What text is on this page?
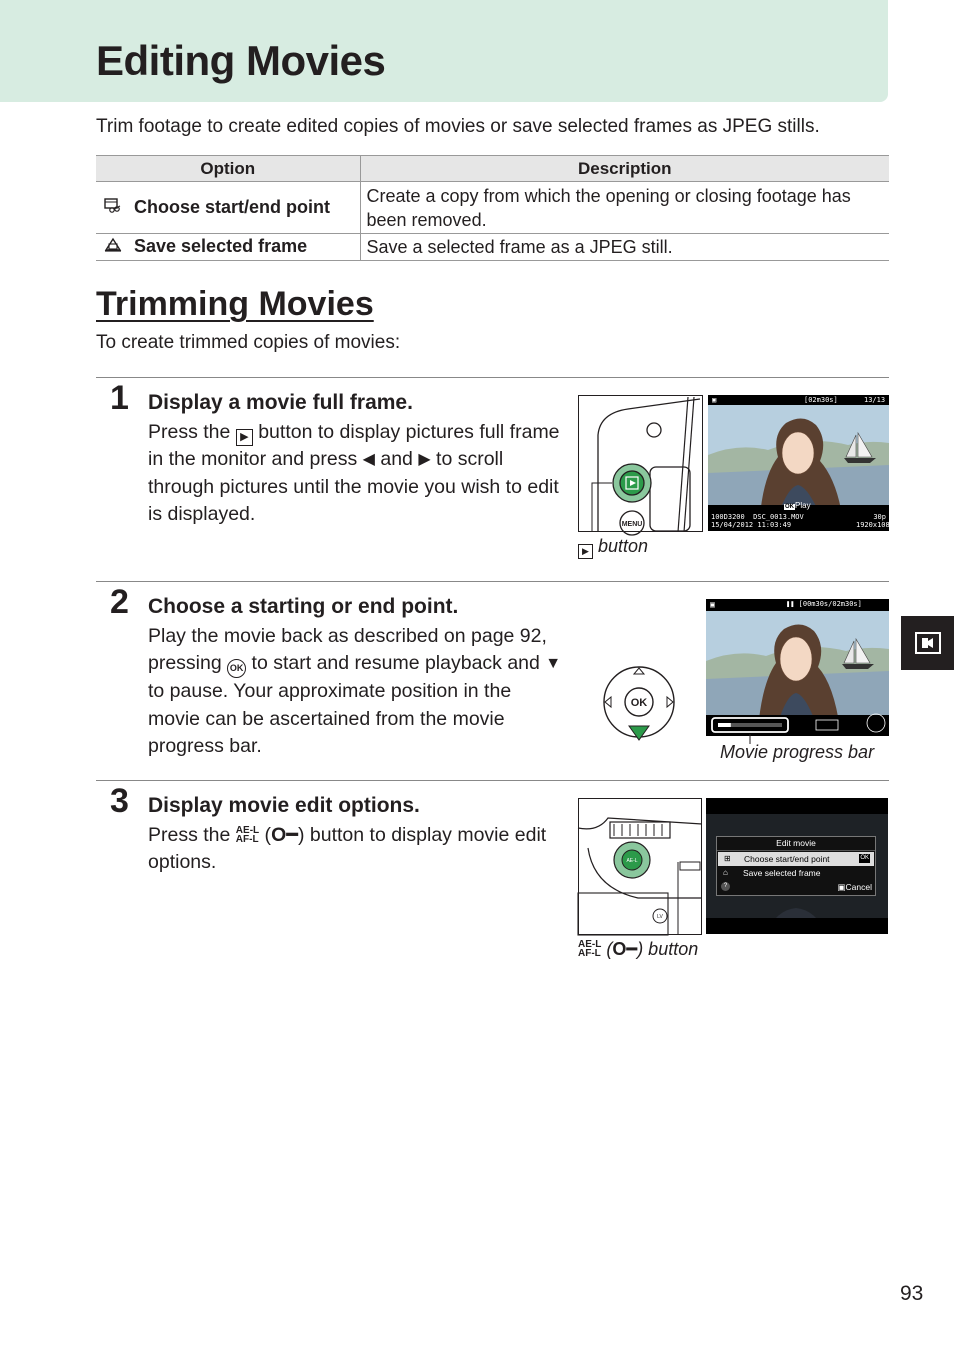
Editing Movies

Trim footage to create edited copies of movies or save selected frames as JPEG stills.

Option	Description
Choose start/end point	Create a copy from which the opening or closing footage has been removed.
Save selected frame	Save a selected frame as a JPEG still.
Trimming Movies

To create trimmed copies of movies:

1 Display a movie full frame.
Press the ▶ button to display pictures full frame in the monitor and press ◀ and ▶ to scroll through pictures until the movie you wish to edit is displayed.	MENU
▣	[02m30s]	13/13
OKPlay
100D3200 DSC_0013.MOV
15/04/2012 11:03:49
30p
1920x1080
▶ button
2 Choose a starting or end point.
Play the movie back as described on page 92, pressing OK to start and resume playback and ▼ to pause. Your approximate position in the movie can be ascertained from the movie progress bar.
OK
▣	❚❚ [00m30s/02m30s]
Movie progress bar
3 Display movie edit options.
Press the AE-L
AF-L (O━) button to display movie edit options.	AE-L
LV
Edit movie
⊞ Choose start/end point	OK
⌂ Save selected frame
?	▣Cancel
AE-L
AF-L (O━) button
93
